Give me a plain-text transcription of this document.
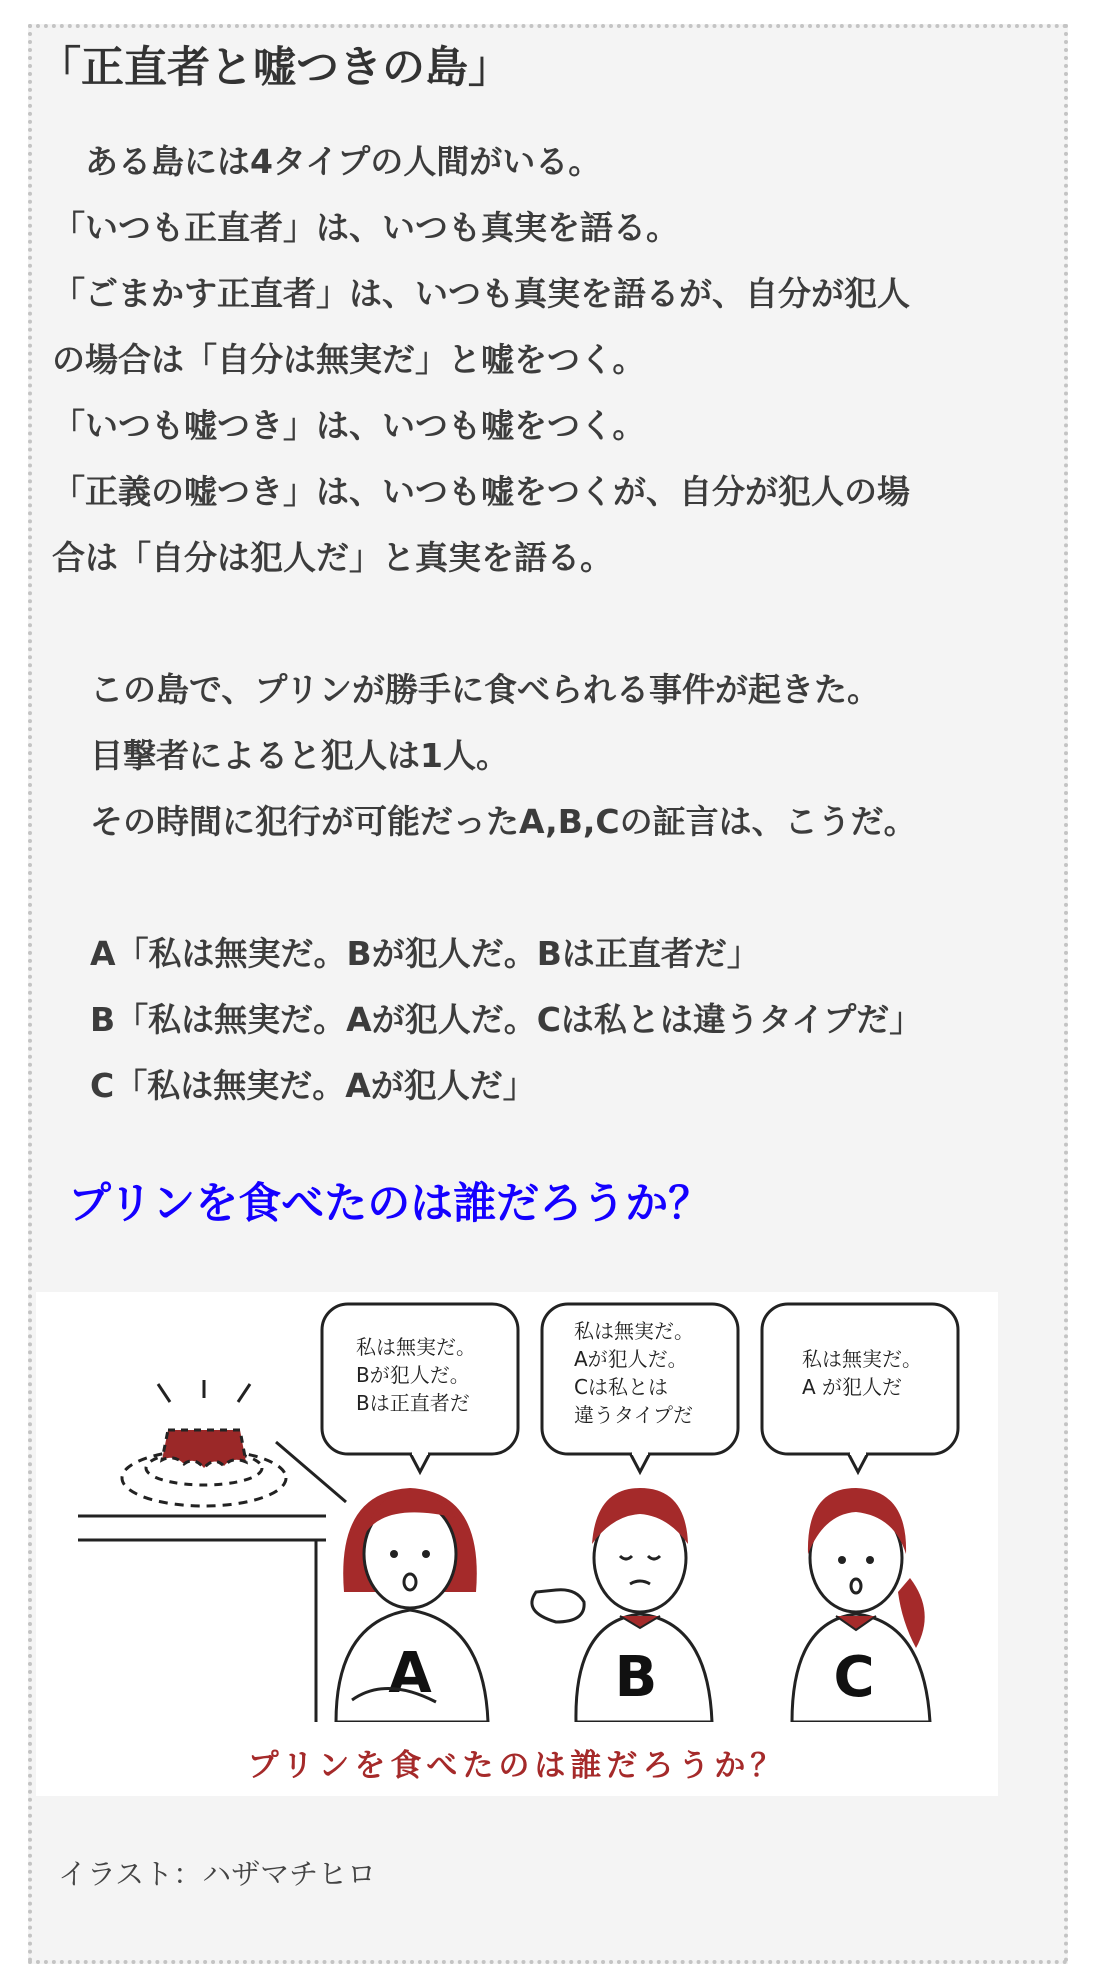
「正直者と嘘つきの島」
　ある島には4タイプの人間がいる。
「いつも正直者」は、いつも真実を語る。
「ごまかす正直者」は、いつも真実を語るが、自分が犯人
の場合は「自分は無実だ」と嘘をつく。
「いつも嘘つき」は、いつも嘘をつく。
「正義の嘘つき」は、いつも嘘をつくが、自分が犯人の場
合は「自分は犯人だ」と真実を語る。
この島で、プリンが勝手に食べられる事件が起きた。
目撃者によると犯人は1人。
その時間に犯行が可能だったA,B,Cの証言は、こうだ。
A「私は無実だ。Bが犯人だ。Bは正直者だ」
B「私は無実だ。Aが犯人だ。Cは私とは違うタイプだ」
C「私は無実だ。Aが犯人だ」
プリンを食べたのは誰だろうか？
私は無実だ。
Bが犯人だ。
Bは正直者だ
私は無実だ。
Aが犯人だ。
Cは私とは
違うタイプだ
私は無実だ。
A が犯人だ
A	B	C
プリンを食べたのは誰だろうか？
イラスト：ハザマチヒロ
